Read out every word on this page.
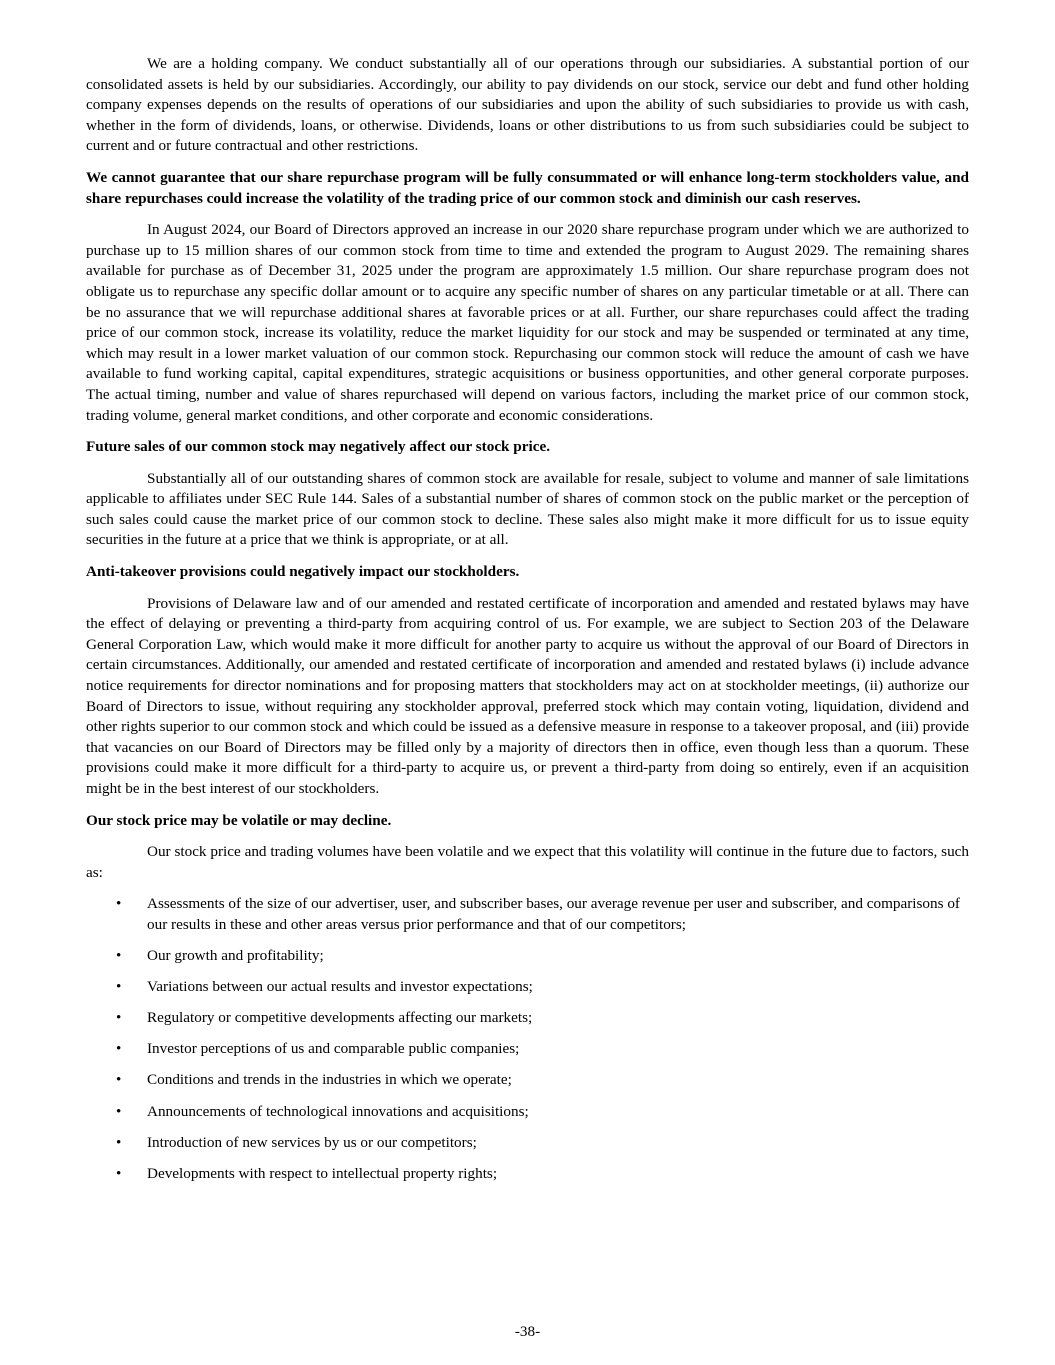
We are a holding company. We conduct substantially all of our operations through our subsidiaries. A substantial portion of our consolidated assets is held by our subsidiaries. Accordingly, our ability to pay dividends on our stock, service our debt and fund other holding company expenses depends on the results of operations of our subsidiaries and upon the ability of such subsidiaries to provide us with cash, whether in the form of dividends, loans, or otherwise. Dividends, loans or other distributions to us from such subsidiaries could be subject to current and or future contractual and other restrictions.

We cannot guarantee that our share repurchase program will be fully consummated or will enhance long-term stockholders value, and share repurchases could increase the volatility of the trading price of our common stock and diminish our cash reserves.

In August 2024, our Board of Directors approved an increase in our 2020 share repurchase program under which we are authorized to purchase up to 15 million shares of our common stock from time to time and extended the program to August 2029. The remaining shares available for purchase as of December 31, 2025 under the program are approximately 1.5 million. Our share repurchase program does not obligate us to repurchase any specific dollar amount or to acquire any specific number of shares on any particular timetable or at all. There can be no assurance that we will repurchase additional shares at favorable prices or at all. Further, our share repurchases could affect the trading price of our common stock, increase its volatility, reduce the market liquidity for our stock and may be suspended or terminated at any time, which may result in a lower market valuation of our common stock. Repurchasing our common stock will reduce the amount of cash we have available to fund working capital, capital expenditures, strategic acquisitions or business opportunities, and other general corporate purposes. The actual timing, number and value of shares repurchased will depend on various factors, including the market price of our common stock, trading volume, general market conditions, and other corporate and economic considerations.

Future sales of our common stock may negatively affect our stock price.

Substantially all of our outstanding shares of common stock are available for resale, subject to volume and manner of sale limitations applicable to affiliates under SEC Rule 144. Sales of a substantial number of shares of common stock on the public market or the perception of such sales could cause the market price of our common stock to decline. These sales also might make it more difficult for us to issue equity securities in the future at a price that we think is appropriate, or at all.

Anti-takeover provisions could negatively impact our stockholders.

Provisions of Delaware law and of our amended and restated certificate of incorporation and amended and restated bylaws may have the effect of delaying or preventing a third-party from acquiring control of us. For example, we are subject to Section 203 of the Delaware General Corporation Law, which would make it more difficult for another party to acquire us without the approval of our Board of Directors in certain circumstances. Additionally, our amended and restated certificate of incorporation and amended and restated bylaws (i) include advance notice requirements for director nominations and for proposing matters that stockholders may act on at stockholder meetings, (ii) authorize our Board of Directors to issue, without requiring any stockholder approval, preferred stock which may contain voting, liquidation, dividend and other rights superior to our common stock and which could be issued as a defensive measure in response to a takeover proposal, and (iii) provide that vacancies on our Board of Directors may be filled only by a majority of directors then in office, even though less than a quorum. These provisions could make it more difficult for a third-party to acquire us, or prevent a third-party from doing so entirely, even if an acquisition might be in the best interest of our stockholders.

Our stock price may be volatile or may decline.

Our stock price and trading volumes have been volatile and we expect that this volatility will continue in the future due to factors, such as:

• Assessments of the size of our advertiser, user, and subscriber bases, our average revenue per user and subscriber, and comparisons of our results in these and other areas versus prior performance and that of our competitors;
• Our growth and profitability;
• Variations between our actual results and investor expectations;
• Regulatory or competitive developments affecting our markets;
• Investor perceptions of us and comparable public companies;
• Conditions and trends in the industries in which we operate;
• Announcements of technological innovations and acquisitions;
• Introduction of new services by us or our competitors;
• Developments with respect to intellectual property rights;
-38-
